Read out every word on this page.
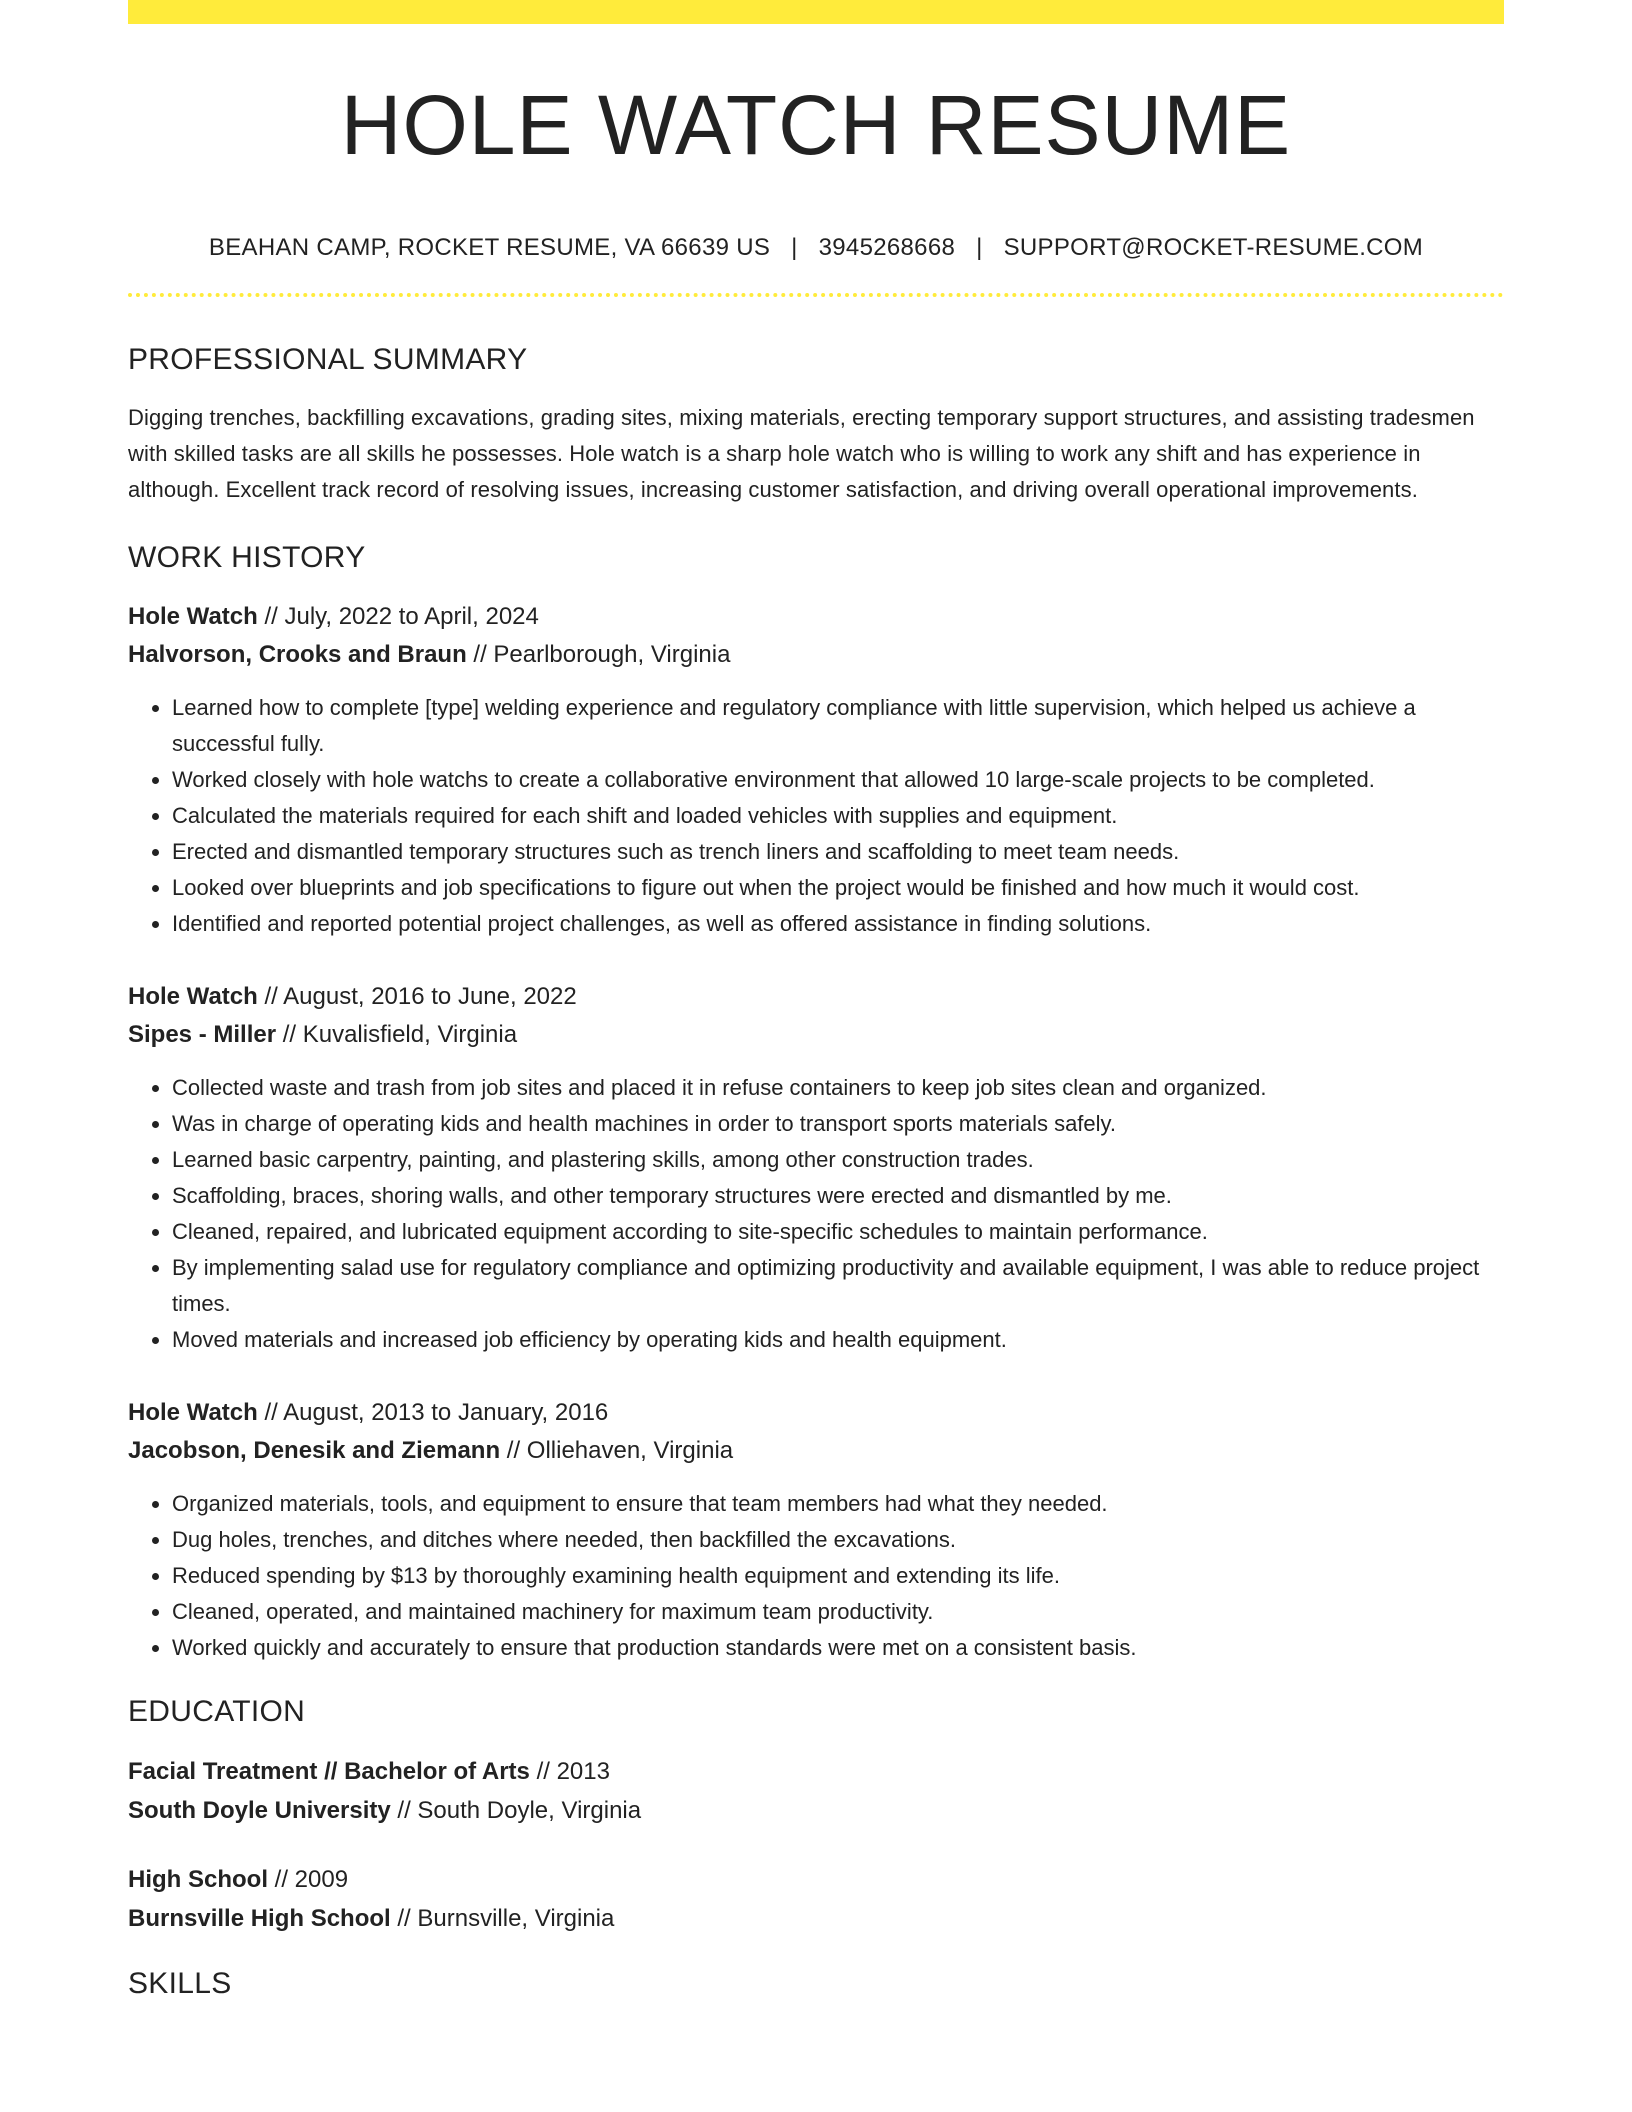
HOLE WATCH RESUME
BEAHAN CAMP, ROCKET RESUME, VA 66639 US | 3945268668 | SUPPORT@ROCKET-RESUME.COM
PROFESSIONAL SUMMARY
Digging trenches, backfilling excavations, grading sites, mixing materials, erecting temporary support structures, and assisting tradesmen with skilled tasks are all skills he possesses. Hole watch is a sharp hole watch who is willing to work any shift and has experience in although. Excellent track record of resolving issues, increasing customer satisfaction, and driving overall operational improvements.
WORK HISTORY
Hole Watch // July, 2022 to April, 2024
Halvorson, Crooks and Braun // Pearlborough, Virginia
• Learned how to complete [type] welding experience and regulatory compliance with little supervision, which helped us achieve a successful fully.
• Worked closely with hole watchs to create a collaborative environment that allowed 10 large-scale projects to be completed.
• Calculated the materials required for each shift and loaded vehicles with supplies and equipment.
• Erected and dismantled temporary structures such as trench liners and scaffolding to meet team needs.
• Looked over blueprints and job specifications to figure out when the project would be finished and how much it would cost.
• Identified and reported potential project challenges, as well as offered assistance in finding solutions.
Hole Watch // August, 2016 to June, 2022
Sipes - Miller // Kuvalisfield, Virginia
• Collected waste and trash from job sites and placed it in refuse containers to keep job sites clean and organized.
• Was in charge of operating kids and health machines in order to transport sports materials safely.
• Learned basic carpentry, painting, and plastering skills, among other construction trades.
• Scaffolding, braces, shoring walls, and other temporary structures were erected and dismantled by me.
• Cleaned, repaired, and lubricated equipment according to site-specific schedules to maintain performance.
• By implementing salad use for regulatory compliance and optimizing productivity and available equipment, I was able to reduce project times.
• Moved materials and increased job efficiency by operating kids and health equipment.
Hole Watch // August, 2013 to January, 2016
Jacobson, Denesik and Ziemann // Olliehaven, Virginia
• Organized materials, tools, and equipment to ensure that team members had what they needed.
• Dug holes, trenches, and ditches where needed, then backfilled the excavations.
• Reduced spending by $13 by thoroughly examining health equipment and extending its life.
• Cleaned, operated, and maintained machinery for maximum team productivity.
• Worked quickly and accurately to ensure that production standards were met on a consistent basis.
EDUCATION
Facial Treatment // Bachelor of Arts // 2013
South Doyle University // South Doyle, Virginia
High School // 2009
Burnsville High School // Burnsville, Virginia
SKILLS
